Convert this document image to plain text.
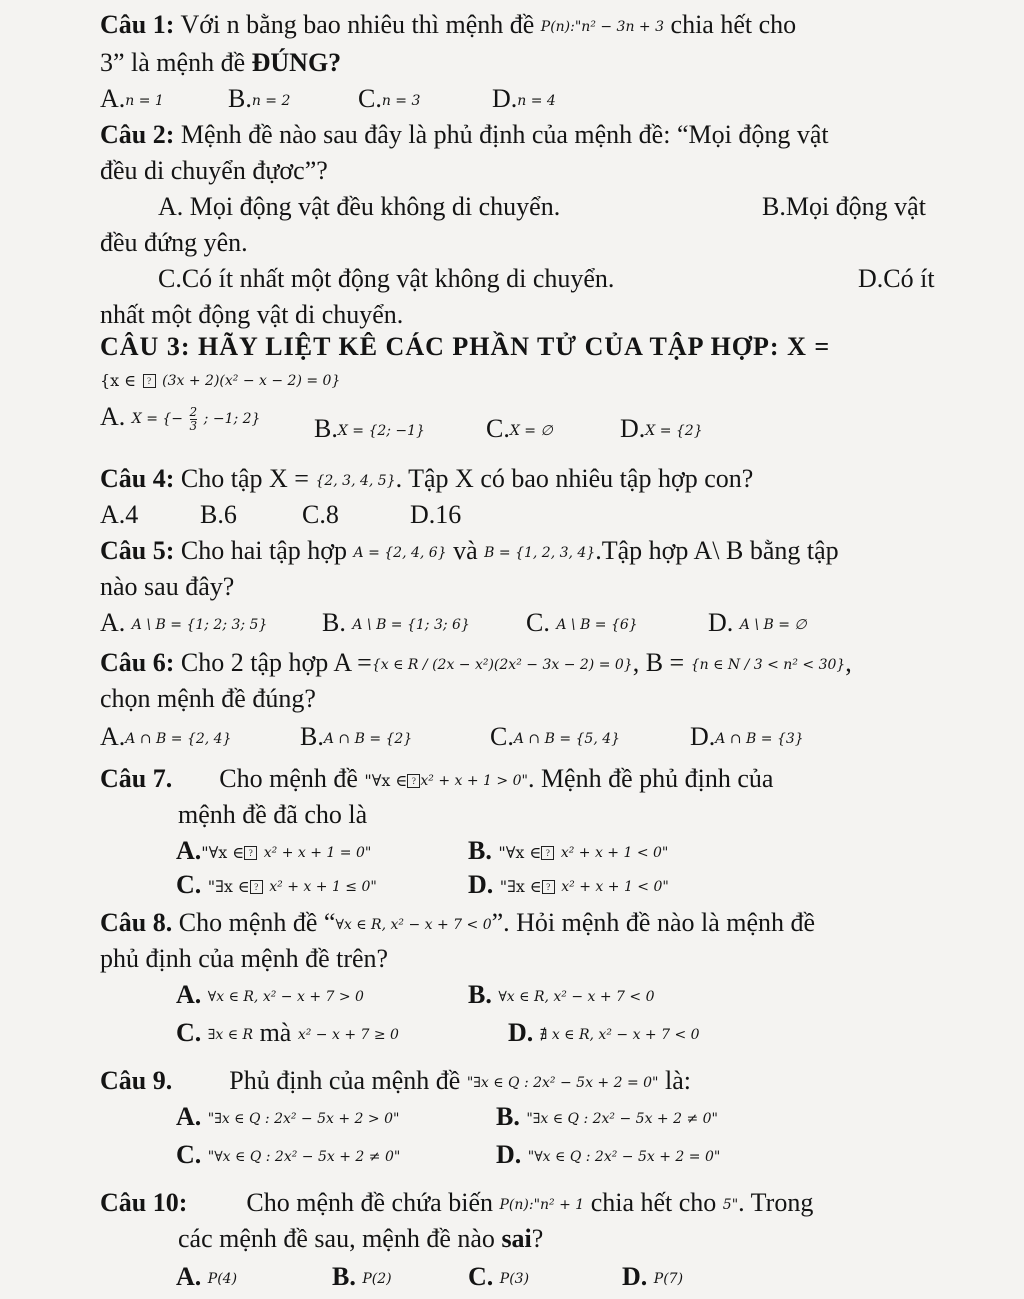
Câu 1: Với n bằng bao nhiêu thì mệnh đề P(n):"n² − 3n + 3 chia hết cho
3” là mệnh đề ĐÚNG?
A.n = 1 B.n = 2	C.n = 3	D.n = 4
Câu 2: Mệnh đề nào sau đây là phủ định của mệnh đề: “Mọi động vật
đều di chuyển đựơc”?
A. Mọi động vật đều không di chuyển.	B.Mọi động vật
đều đứng yên.
C.Có ít nhất một động vật không di chuyển.	D.Có ít
nhất một động vật di chuyển.
CÂU 3: HÃY LIỆT KÊ CÁC PHẦN TỬ CỦA TẬP HỢP: X =
{x ∈ ? (3x + 2)(x² − x − 2) = 0}
A. X = {− $\frac{2}{3}$ ; −1; 2} B.X = {2; −1} C.X = ∅	D.X = {2}
Câu 4: Cho tập X = {2, 3, 4, 5}. Tập X có bao nhiêu tập hợp con?
A.4 B.6	C.8	D.16
Câu 5: Cho hai tập hợp A = {2, 4, 6} và B = {1, 2, 3, 4}.Tập hợp A\ B bằng tập
nào sau đây?
A. A \ B = {1; 2; 3; 5} B. A \ B = {1; 3; 6} C. A \ B = {6}	D. A \ B = ∅
Câu 6: Cho 2 tập hợp A ={x ∈ R / (2x − x²)(2x² − 3x − 2) = 0}, B = {n ∈ N / 3 < n² < 30},
chọn mệnh đề đúng?
A.A ∩ B = {2, 4}	B.A ∩ B = {2}	C.A ∩ B = {5, 4}	D.A ∩ B = {3}
Câu 7. Cho mệnh đề "∀x ∈ ? x² + x + 1 > 0". Mệnh đề phủ định của
mệnh đề đã cho là
A."∀x ∈ ? x² + x + 1 = 0"	B. "∀x ∈ ? x² + x + 1 < 0"
C. "∃x ∈ ? x² + x + 1 ≤ 0"	D. "∃x ∈ ? x² + x + 1 < 0"
Câu 8. Cho mệnh đề “∀x ∈ R, x² − x + 7 < 0”. Hỏi mệnh đề nào là mệnh đề
phủ định của mệnh đề trên?
A. ∀x ∈ R, x² − x + 7 > 0	B. ∀x ∈ R, x² − x + 7 < 0
C. ∃x ∈ R mà x² − x + 7 ≥ 0	D. ∄ x ∈ R, x² − x + 7 < 0
Câu 9. Phủ định của mệnh đề "∃x ∈ Q : 2x² − 5x + 2 = 0" là:
A. "∃x ∈ Q : 2x² − 5x + 2 > 0"	B. "∃x ∈ Q : 2x² − 5x + 2 ≠ 0"
C. "∀x ∈ Q : 2x² − 5x + 2 ≠ 0"	D. "∀x ∈ Q : 2x² − 5x + 2 = 0"
Câu 10: Cho mệnh đề chứa biến P(n):"n² + 1 chia hết cho 5". Trong
các mệnh đề sau, mệnh đề nào sai?
A. P(4)	B. P(2)	C. P(3)	D. P(7)
